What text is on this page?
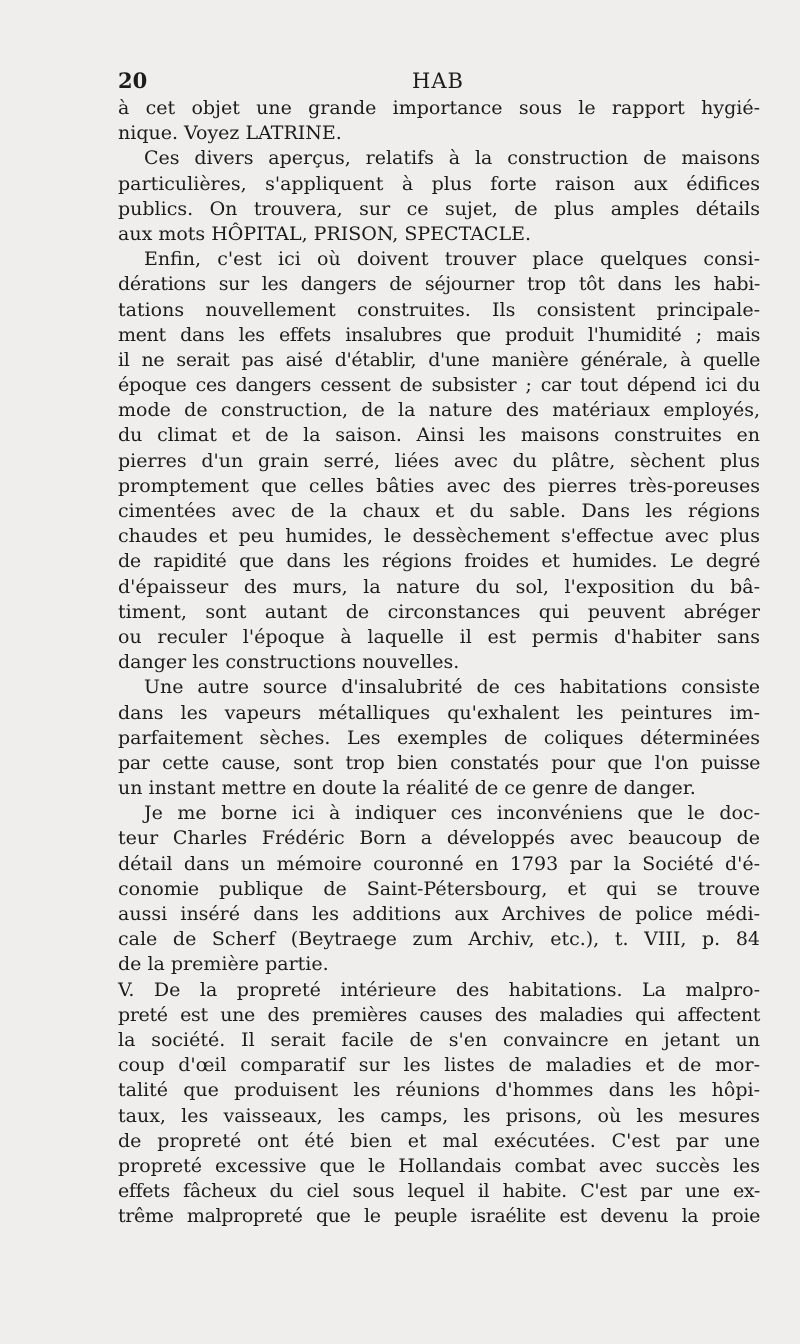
20	HAB
à cet objet une grande importance sous le rapport hygié-
nique. Voyez LATRINE.
Ces divers aperçus, relatifs à la construction de maisons
particulières, s'appliquent à plus forte raison aux édifices
publics. On trouvera, sur ce sujet, de plus amples détails
aux mots HÔPITAL, PRISON, SPECTACLE.
Enfin, c'est ici où doivent trouver place quelques consi-
dérations sur les dangers de séjourner trop tôt dans les habi-
tations nouvellement construites. Ils consistent principale-
ment dans les effets insalubres que produit l'humidité ; mais
il ne serait pas aisé d'établir, d'une manière générale, à quelle
époque ces dangers cessent de subsister ; car tout dépend ici du
mode de construction, de la nature des matériaux employés,
du climat et de la saison. Ainsi les maisons construites en
pierres d'un grain serré, liées avec du plâtre, sèchent plus
promptement que celles bâties avec des pierres très-poreuses
cimentées avec de la chaux et du sable. Dans les régions
chaudes et peu humides, le dessèchement s'effectue avec plus
de rapidité que dans les régions froides et humides. Le degré
d'épaisseur des murs, la nature du sol, l'exposition du bâ-
timent, sont autant de circonstances qui peuvent abréger
ou reculer l'époque à laquelle il est permis d'habiter sans
danger les constructions nouvelles.
Une autre source d'insalubrité de ces habitations consiste
dans les vapeurs métalliques qu'exhalent les peintures im-
parfaitement sèches. Les exemples de coliques déterminées
par cette cause, sont trop bien constatés pour que l'on puisse
un instant mettre en doute la réalité de ce genre de danger.
Je me borne ici à indiquer ces inconvéniens que le doc-
teur Charles Frédéric Born a développés avec beaucoup de
détail dans un mémoire couronné en 1793 par la Société d'é-
conomie publique de Saint-Pétersbourg, et qui se trouve
aussi inséré dans les additions aux Archives de police médi-
cale de Scherf (Beytraege zum Archiv, etc.), t. VIII, p. 84
de la première partie.
V. De la propreté intérieure des habitations. La malpro-
preté est une des premières causes des maladies qui affectent
la société. Il serait facile de s'en convaincre en jetant un
coup d'œil comparatif sur les listes de maladies et de mor-
talité que produisent les réunions d'hommes dans les hôpi-
taux, les vaisseaux, les camps, les prisons, où les mesures
de propreté ont été bien et mal exécutées. C'est par une
propreté excessive que le Hollandais combat avec succès les
effets fâcheux du ciel sous lequel il habite. C'est par une ex-
trême malpropreté que le peuple israélite est devenu la proie
